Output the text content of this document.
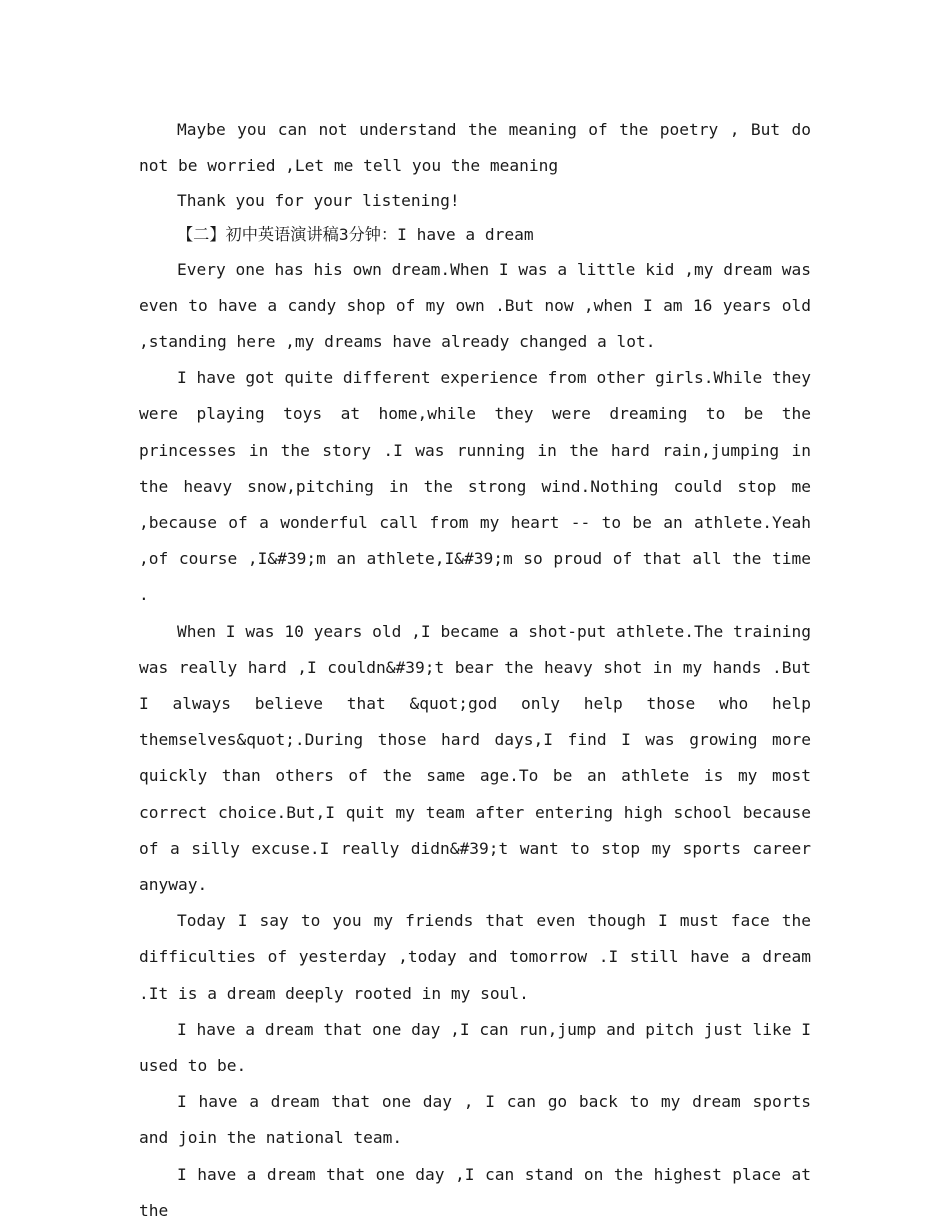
Maybe you can not understand the meaning of the poetry , But do not be worried ,Let me tell you the meaning

Thank you for your listening!

【二】初中英语演讲稿3分钟：I have a dream

Every one has his own dream.When I was a little kid ,my dream was even to have a candy shop of my own .But now ,when I am 16 years old ,standing here ,my dreams have already changed a lot.

I have got quite different experience from other girls.While they were playing toys at home,while they were dreaming to be the princesses in the story .I was running in the hard rain,jumping in the heavy snow,pitching in the strong wind.Nothing could stop me ,because of a wonderful call from my heart -- to be an athlete.Yeah ,of course ,I&#39;m an athlete,I&#39;m so proud of that all the time .

When I was 10 years old ,I became a shot-put athlete.The training was really hard ,I couldn&#39;t bear the heavy shot in my hands .But I always believe that &quot;god only help those who help themselves&quot;.During those hard days,I find I was growing more quickly than others of the same age.To be an athlete is my most correct choice.But,I quit my team after entering high school because of a silly excuse.I really didn&#39;t want to stop my sports career anyway.

Today I say to you my friends that even though I must face the difficulties of yesterday ,today and tomorrow .I still have a dream .It is a dream deeply rooted in my soul.

I have a dream that one day ,I can run,jump and pitch just like I used to be.

I have a dream that one day , I can go back to my dream sports and join the national team.

I have a dream that one day ,I can stand on the highest place at the
